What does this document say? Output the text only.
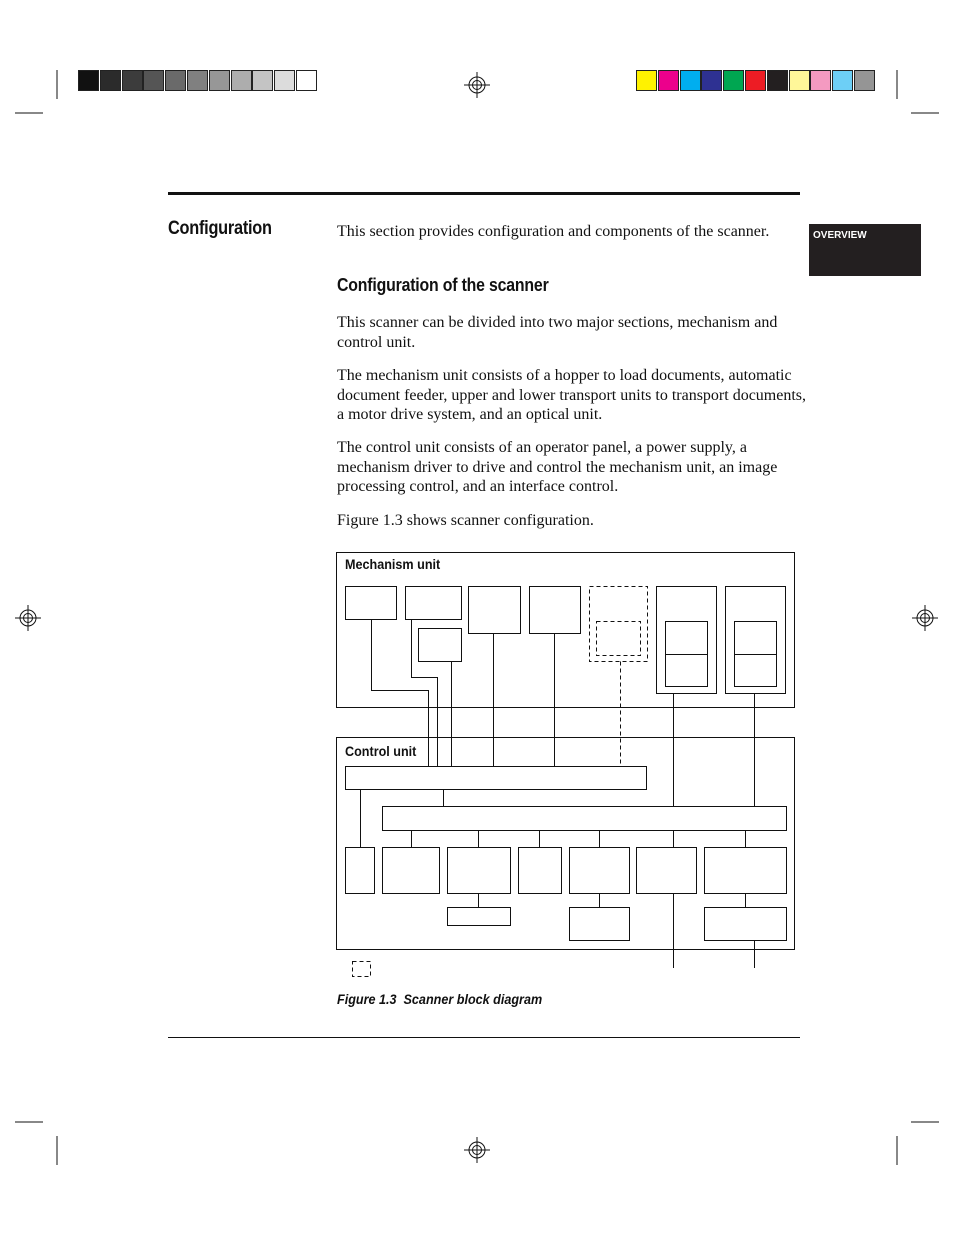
OVERVIEW
Configuration	This section provides configuration and components of the scanner.
Configuration of the scanner
This scanner can be divided into two major sections, mechanism and control unit.
The mechanism unit consists of a hopper to load documents, automatic document feeder, upper and lower transport units to transport documents, a motor drive system, and an optical unit.
The control unit consists of an operator panel, a power supply, a mechanism driver to drive and control the mechanism unit, an image processing control, and an interface control.
Figure 1.3 shows scanner configuration.
Mechanism unit
Control unit
Figure 1.3  Scanner block diagram
